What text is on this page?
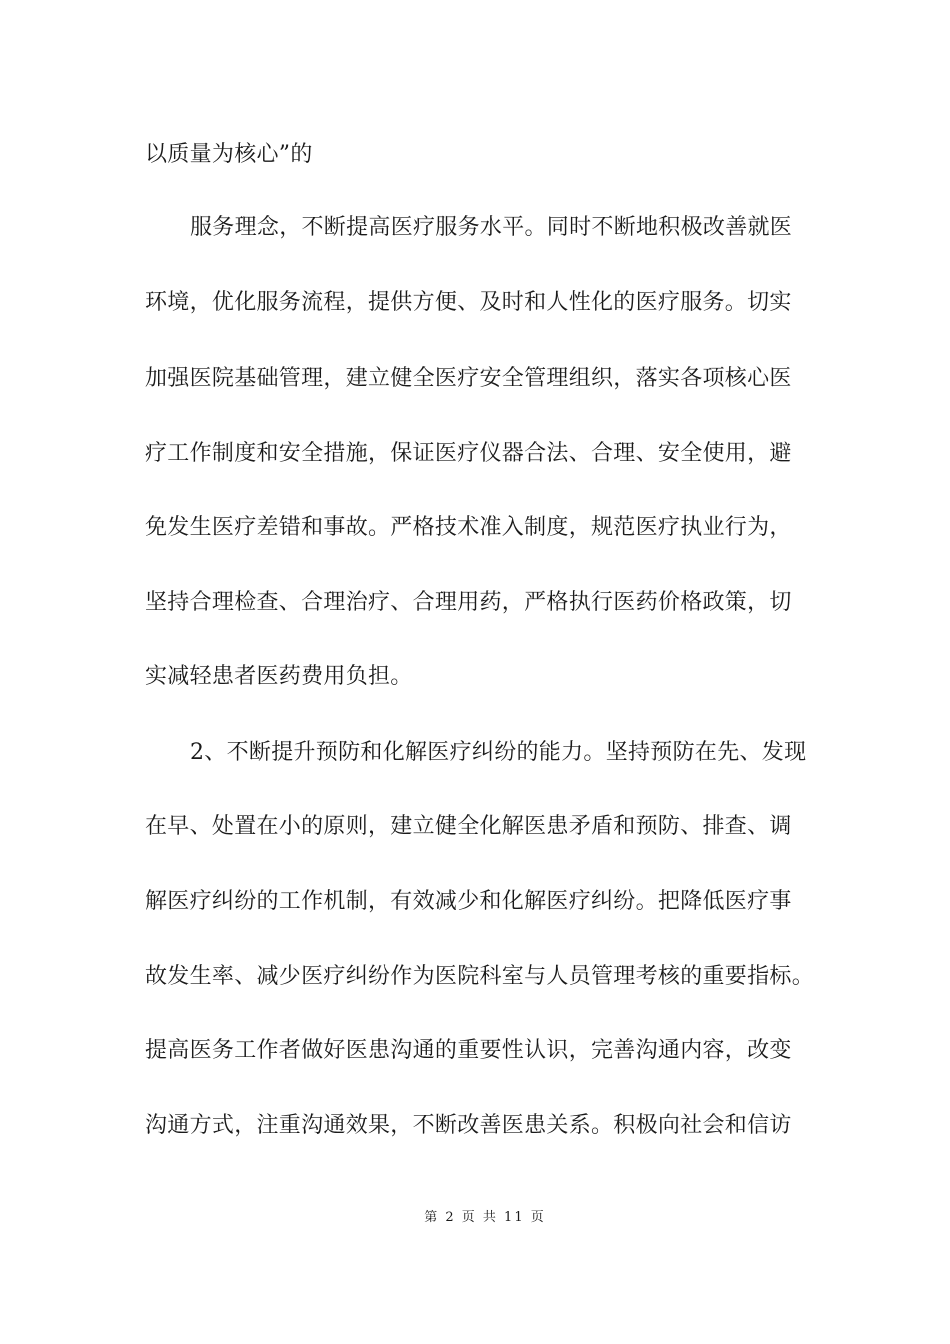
以质量为核心”的
服务理念，不断提高医疗服务水平。同时不断地积极改善就医
环境，优化服务流程，提供方便、及时和人性化的医疗服务。切实
加强医院基础管理，建立健全医疗安全管理组织，落实各项核心医
疗工作制度和安全措施，保证医疗仪器合法、合理、安全使用，避
免发生医疗差错和事故。严格技术准入制度，规范医疗执业行为，
坚持合理检查、合理治疗、合理用药，严格执行医药价格政策，切
实减轻患者医药费用负担。
2、不断提升预防和化解医疗纠纷的能力。坚持预防在先、发现
在早、处置在小的原则，建立健全化解医患矛盾和预防、排查、调
解医疗纠纷的工作机制，有效减少和化解医疗纠纷。把降低医疗事
故发生率、减少医疗纠纷作为医院科室与人员管理考核的重要指标。
提高医务工作者做好医患沟通的重要性认识，完善沟通内容，改变
沟通方式，注重沟通效果，不断改善医患关系。积极向社会和信访
第 2 页 共 11 页
